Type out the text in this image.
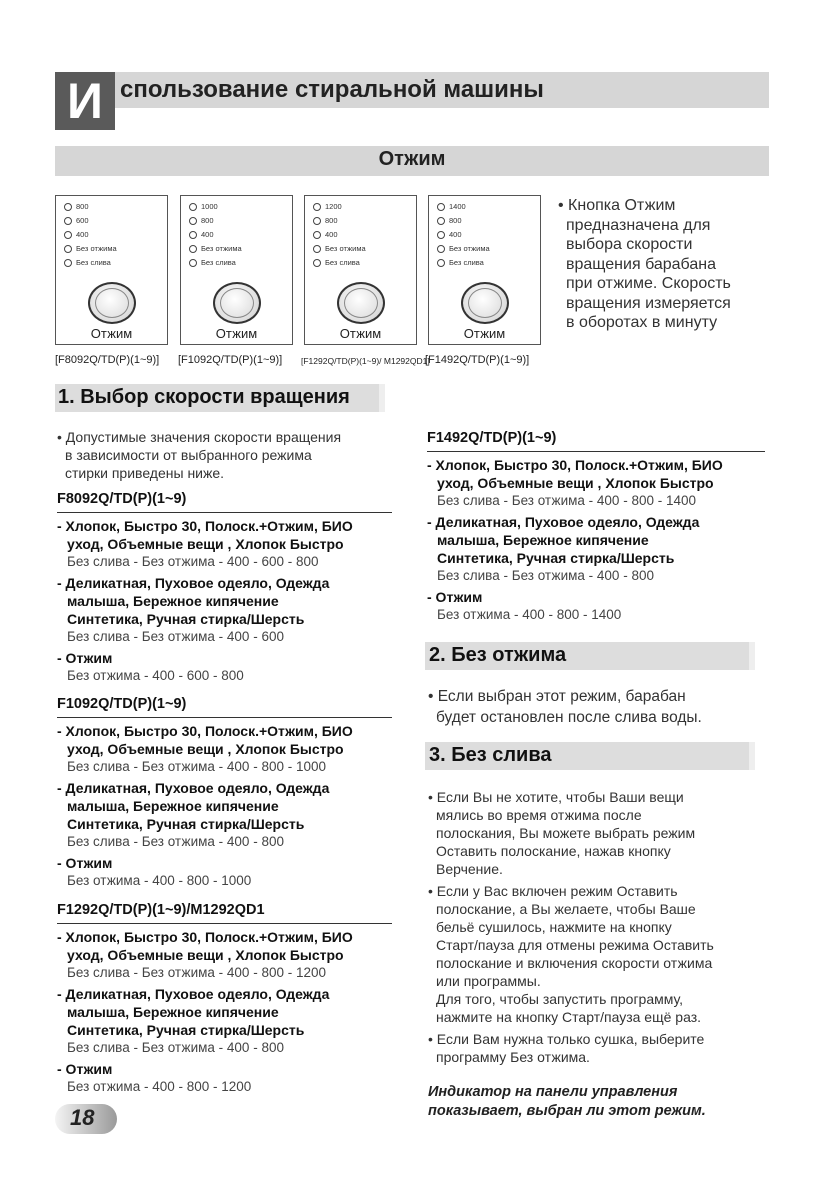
И спользование стиральной машины
Отжим
800
600
400
Без отжима
Без слива
Отжим
[F8092Q/TD(P)(1~9)]
1000
800
400
Без отжима
Без слива
Отжим
[F1092Q/TD(P)(1~9)]
1200
800
400
Без отжима
Без слива
Отжим
[F1292Q/TD(P)(1~9)/ M1292QD1]
1400
800
400
Без отжима
Без слива
Отжим
[F1492Q/TD(P)(1~9)]
• Кнопка Отжим
предназначена для
выбора скорости
вращения барабана
при отжиме. Скорость
вращения измеряется
в оборотах в минуту
1. Выбор скорости вращения
• Допустимые значения скорости вращения
в зависимости от выбранного режима
стирки приведены ниже.
F8092Q/TD(P)(1~9)
- Хлопок, Быстро 30, Полоск.+Отжим, БИО
уход, Объемные вещи , Хлопок Быстро
Без слива - Без отжима - 400 - 600 - 800
- Деликатная, Пуховое одеяло, Одежда
малыша, Бережное кипячение
Синтетика, Ручная стирка/Шерсть
Без слива - Без отжима - 400 - 600
- Отжим
Без отжима - 400 - 600 - 800
F1092Q/TD(P)(1~9)
- Хлопок, Быстро 30, Полоск.+Отжим, БИО
уход, Объемные вещи , Хлопок Быстро
Без слива - Без отжима - 400 - 800 - 1000
- Деликатная, Пуховое одеяло, Одежда
малыша, Бережное кипячение
Синтетика, Ручная стирка/Шерсть
Без слива - Без отжима - 400 - 800
- Отжим
Без отжима - 400 - 800 - 1000
F1292Q/TD(P)(1~9)/M1292QD1
- Хлопок, Быстро 30, Полоск.+Отжим, БИО
уход, Объемные вещи , Хлопок Быстро
Без слива - Без отжима - 400 - 800 - 1200
- Деликатная, Пуховое одеяло, Одежда
малыша, Бережное кипячение
Синтетика, Ручная стирка/Шерсть
Без слива - Без отжима - 400 - 800
- Отжим
Без отжима - 400 - 800 - 1200
F1492Q/TD(P)(1~9)
- Хлопок, Быстро 30, Полоск.+Отжим, БИО
уход, Объемные вещи , Хлопок Быстро
Без слива - Без отжима - 400 - 800 - 1400
- Деликатная, Пуховое одеяло, Одежда
малыша, Бережное кипячение
Синтетика, Ручная стирка/Шерсть
Без слива - Без отжима - 400 - 800
- Отжим
Без отжима - 400 - 800 - 1400
2. Без отжима
• Если выбран этот режим, барабан
будет остановлен после слива воды.
3. Без слива
• Если Вы не хотите, чтобы Ваши вещи
мялись во время отжима после
полоскания, Вы можете выбрать режим
Оставить полоскание, нажав кнопку
Верчение.
• Если у Вас включен режим Оставить
полоскание, а Вы желаете, чтобы Ваше
бельё сушилось, нажмите на кнопку
Старт/пауза для отмены режима Оставить
полоскание и включения скорости отжима
или программы.
Для того, чтобы запустить программу,
нажмите на кнопку Старт/пауза ещё раз.
• Если Вам нужна только сушка, выберите
программу Без отжима.
Индикатор на панели управления
показывает, выбран ли этот режим.
18
